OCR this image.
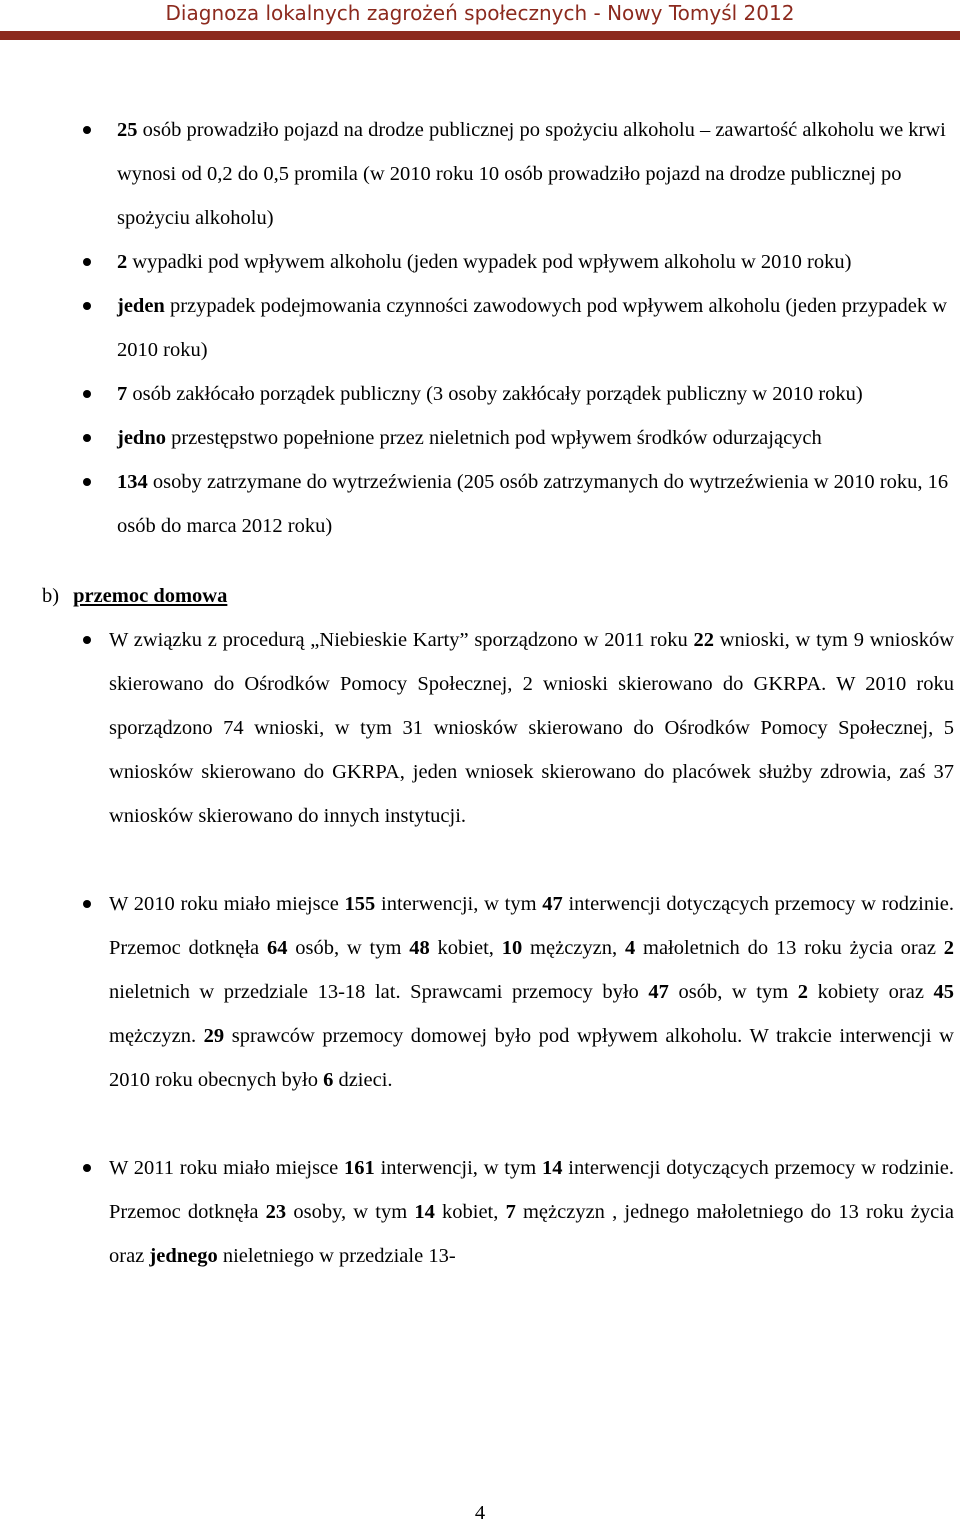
Diagnoza lokalnych zagrożeń społecznych - Nowy Tomyśl 2012
25 osób prowadziło pojazd na drodze publicznej po spożyciu alkoholu – zawartość alkoholu we krwi wynosi od 0,2 do 0,5 promila (w 2010 roku 10 osób prowadziło pojazd na drodze publicznej po spożyciu alkoholu)
2 wypadki pod wpływem alkoholu (jeden wypadek pod wpływem alkoholu w 2010 roku)
jeden przypadek podejmowania czynności zawodowych pod wpływem alkoholu (jeden przypadek w 2010 roku)
7 osób zakłócało porządek publiczny (3 osoby zakłócały porządek publiczny w 2010 roku)
jedno przestępstwo popełnione przez nieletnich pod wpływem środków odurzających
134 osoby zatrzymane do wytrzeźwienia (205 osób zatrzymanych do wytrzeźwienia w 2010 roku, 16 osób do marca 2012 roku)
b) przemoc domowa
W związku z procedurą „Niebieskie Karty” sporządzono w 2011 roku 22 wnioski, w tym 9 wniosków skierowano do Ośrodków Pomocy Społecznej, 2 wnioski skierowano do GKRPA. W 2010 roku sporządzono 74 wnioski, w tym 31 wniosków skierowano do Ośrodków Pomocy Społecznej, 5 wniosków skierowano do GKRPA, jeden wniosek skierowano do placówek służby zdrowia, zaś 37 wniosków skierowano do innych instytucji.
W 2010 roku miało miejsce 155 interwencji, w tym 47 interwencji dotyczących przemocy w rodzinie. Przemoc dotknęła 64 osób, w tym 48 kobiet, 10 mężczyzn, 4 małoletnich do 13 roku życia oraz 2 nieletnich w przedziale 13-18 lat. Sprawcami przemocy było 47 osób, w tym 2 kobiety oraz 45 mężczyzn. 29 sprawców przemocy domowej było pod wpływem alkoholu. W trakcie interwencji w 2010 roku obecnych było 6 dzieci.
W 2011 roku miało miejsce 161 interwencji, w tym 14 interwencji dotyczących przemocy w rodzinie. Przemoc dotknęła 23 osoby, w tym 14 kobiet, 7 mężczyzn , jednego małoletniego do 13 roku życia oraz jednego nieletniego w przedziale 13-
4
